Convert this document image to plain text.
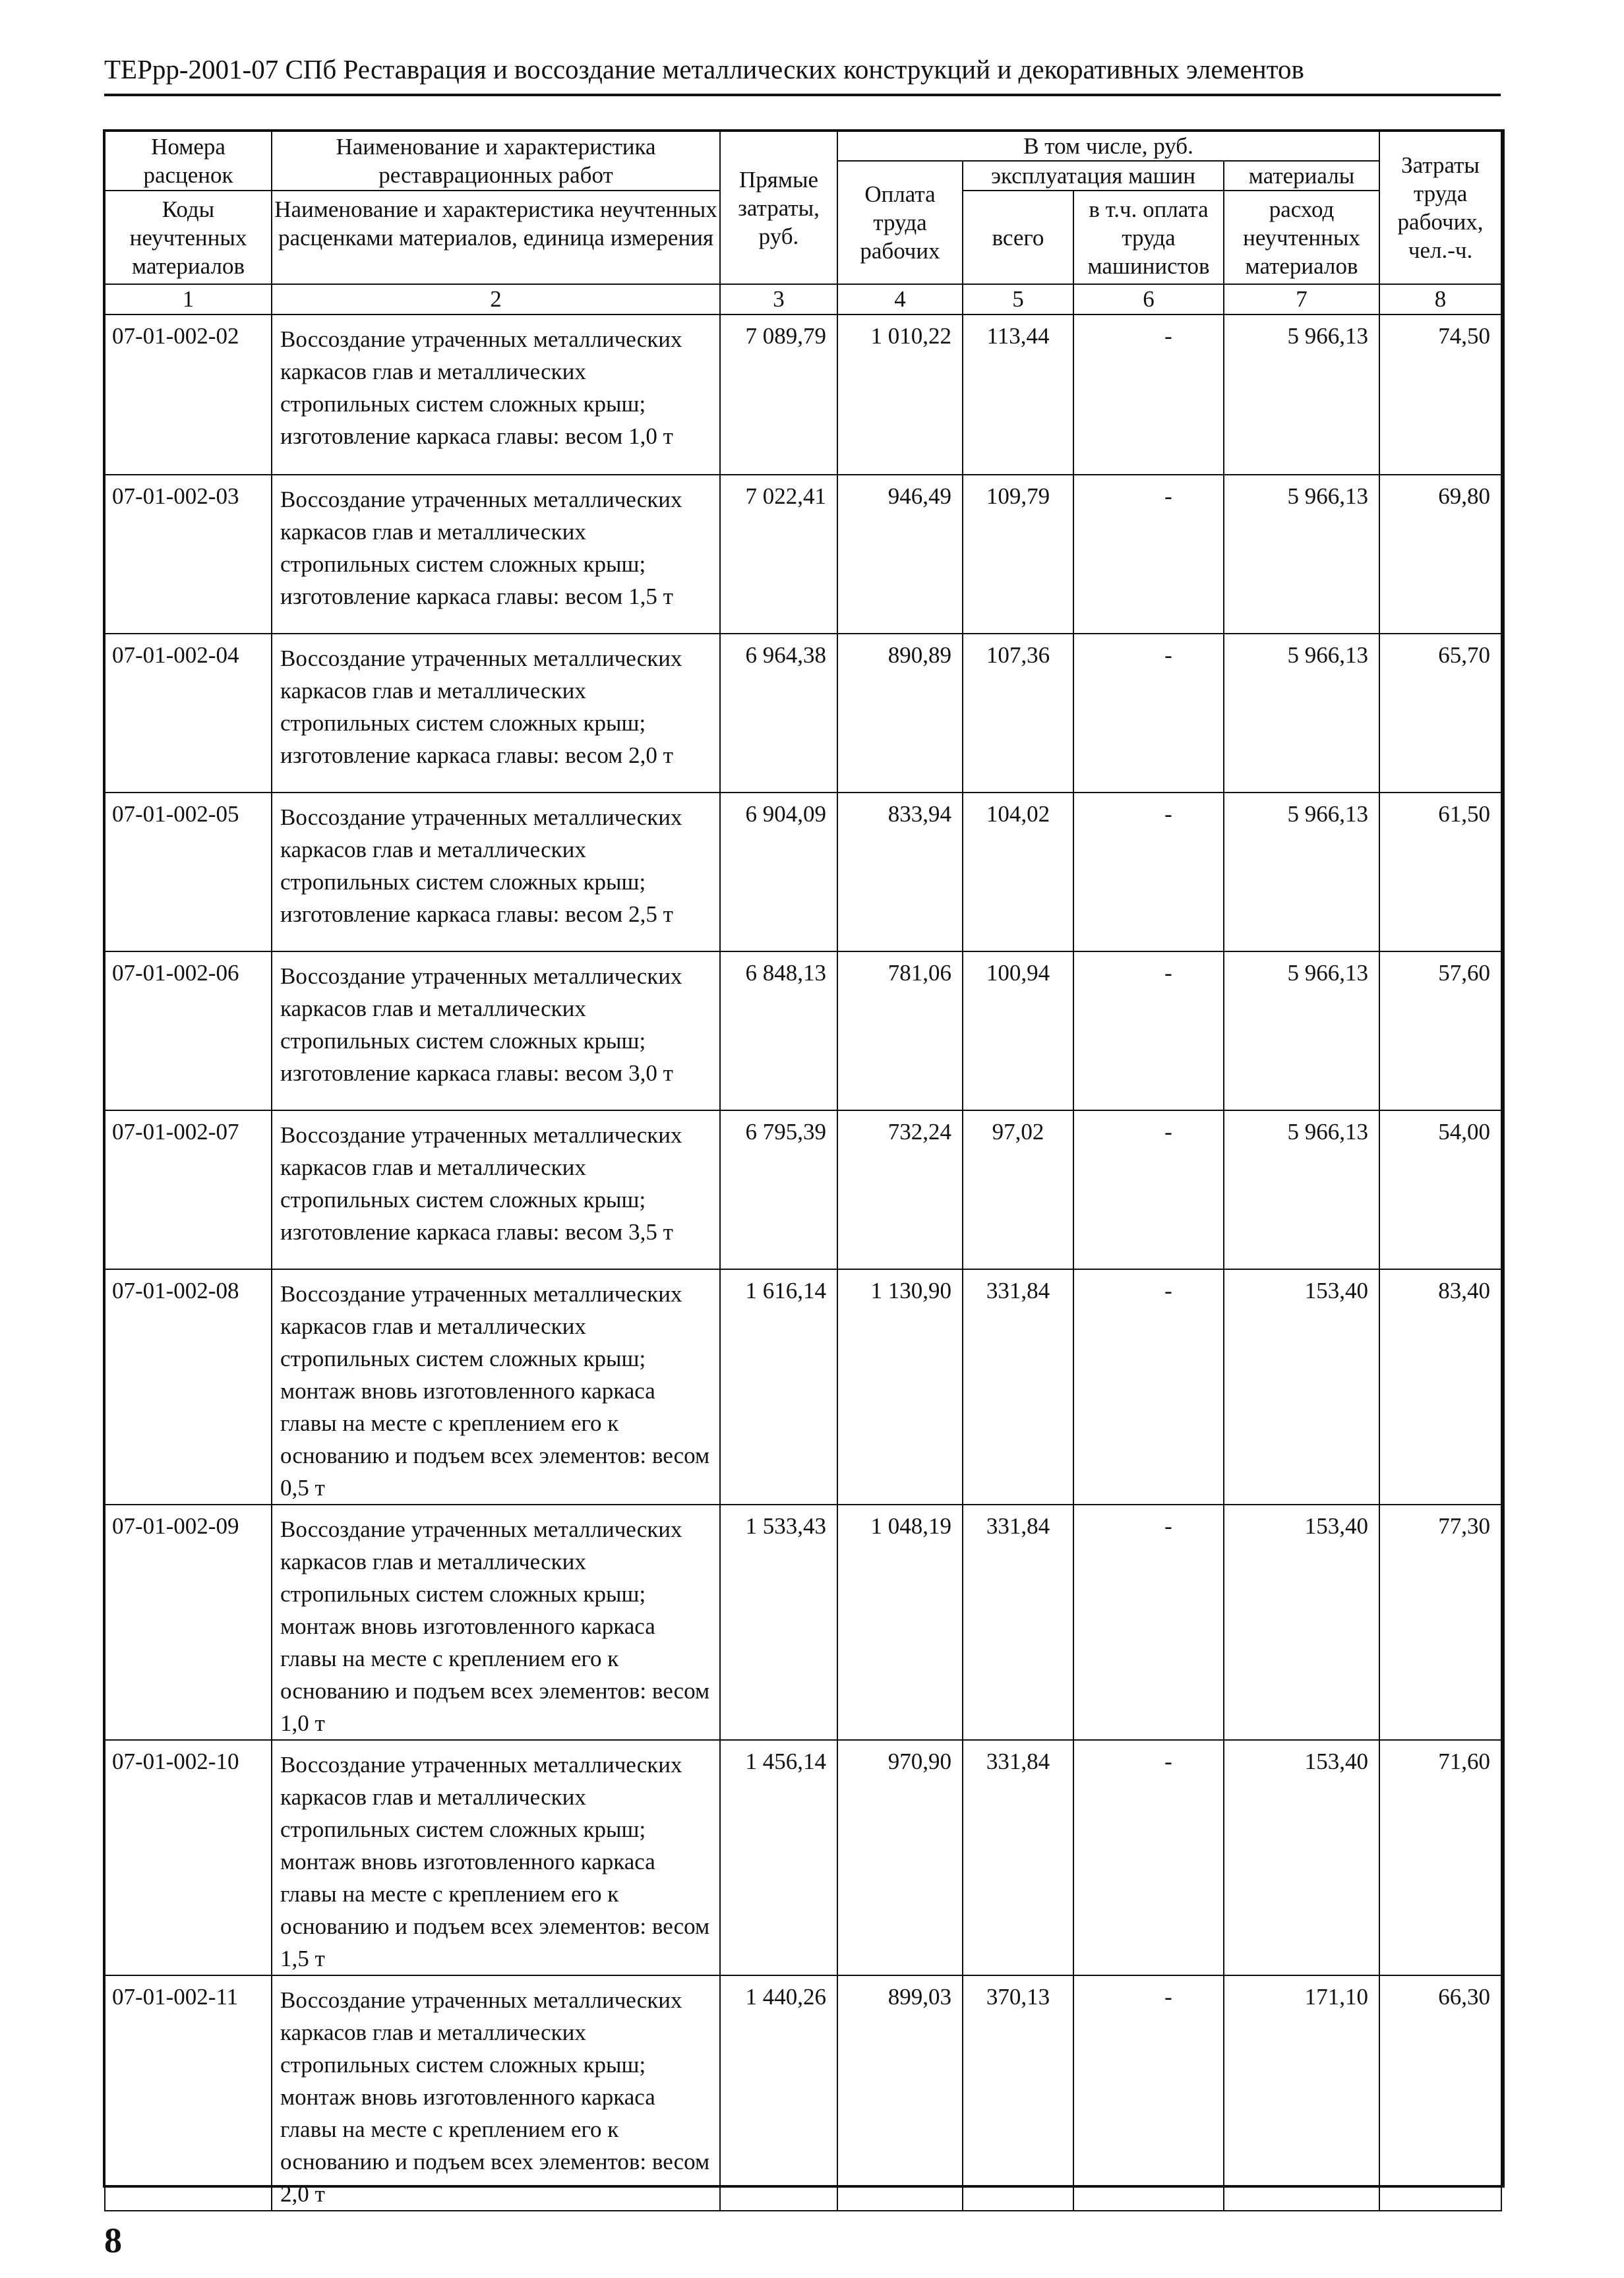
ТЕРрр-2001-07 СПб Реставрация и воссоздание металлических конструкций и декоративных элементов
Номера расценок	Наименование и характеристика реставрационных работ	Прямые затраты, руб.	В том числе, руб.				Затраты труда рабочих, чел.-ч.
			Оплата труда рабочих	эксплуатация машин		материалы	
Коды неучтенных материалов	Наименование и характеристика неучтенных расценками материалов, единица измерения			всего	в т.ч. оплата труда машинистов	расход неучтенных материалов	

1	2	3	4	5	6	7	8
07-01-002-02	Воссоздание утраченных металлических каркасов глав и металлических стропильных систем сложных крыш; изготовление каркаса главы: весом 1,0 т	7 089,79	1 010,22	113,44	-	5 966,13	74,50
07-01-002-03	Воссоздание утраченных металлических каркасов глав и металлических стропильных систем сложных крыш; изготовление каркаса главы: весом 1,5 т	7 022,41	946,49	109,79	-	5 966,13	69,80
07-01-002-04	Воссоздание утраченных металлических каркасов глав и металлических стропильных систем сложных крыш; изготовление каркаса главы: весом 2,0 т	6 964,38	890,89	107,36	-	5 966,13	65,70
07-01-002-05	Воссоздание утраченных металлических каркасов глав и металлических стропильных систем сложных крыш; изготовление каркаса главы: весом 2,5 т	6 904,09	833,94	104,02	-	5 966,13	61,50
07-01-002-06	Воссоздание утраченных металлических каркасов глав и металлических стропильных систем сложных крыш; изготовление каркаса главы: весом 3,0 т	6 848,13	781,06	100,94	-	5 966,13	57,60
07-01-002-07	Воссоздание утраченных металлических каркасов глав и металлических стропильных систем сложных крыш; изготовление каркаса главы: весом 3,5 т	6 795,39	732,24	97,02	-	5 966,13	54,00
07-01-002-08	Воссоздание утраченных металлических каркасов глав и металлических стропильных систем сложных крыш; монтаж вновь изготовленного каркаса главы на месте с креплением его к основанию и подъем всех элементов: весом 0,5 т	1 616,14	1 130,90	331,84	-	153,40	83,40
07-01-002-09	Воссоздание утраченных металлических каркасов глав и металлических стропильных систем сложных крыш; монтаж вновь изготовленного каркаса главы на месте с креплением его к основанию и подъем всех элементов: весом 1,0 т	1 533,43	1 048,19	331,84	-	153,40	77,30
07-01-002-10	Воссоздание утраченных металлических каркасов глав и металлических стропильных систем сложных крыш; монтаж вновь изготовленного каркаса главы на месте с креплением его к основанию и подъем всех элементов: весом 1,5 т	1 456,14	970,90	331,84	-	153,40	71,60
07-01-002-11	Воссоздание утраченных металлических каркасов глав и металлических стропильных систем сложных крыш; монтаж вновь изготовленного каркаса главы на месте с креплением его к основанию и подъем всех элементов: весом 2,0 т	1 440,26	899,03	370,13	-	171,10	66,30
8
